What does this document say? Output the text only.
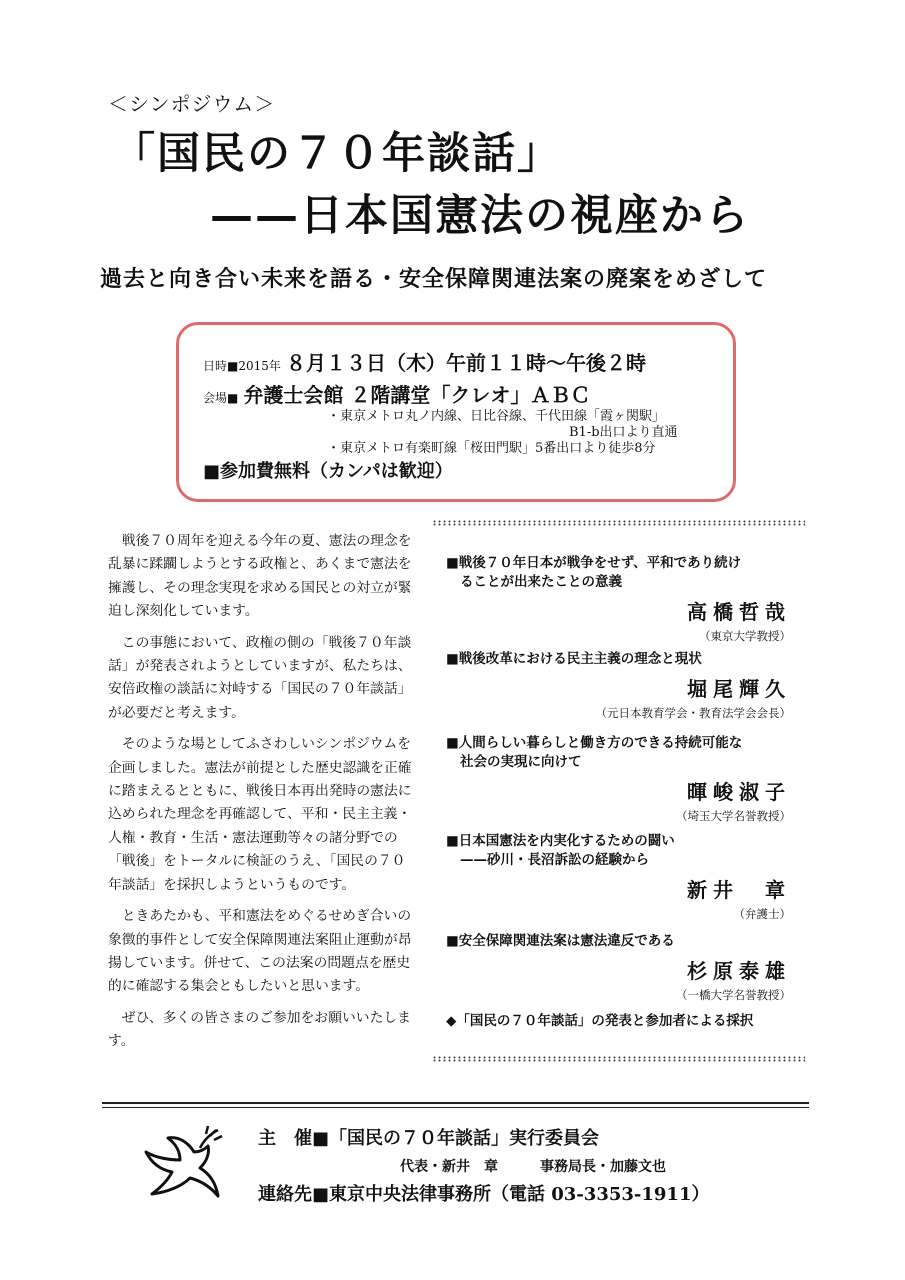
＜シンポジウム＞
「国民の７０年談話」
——日本国憲法の視座から
過去と向き合い未来を語る・安全保障関連法案の廃案をめざして
日時■2015年 ８月１３日（木）午前１１時～午後２時
会場■ 弁護士会館 ２階講堂「クレオ」ＡＢＣ
・東京メトロ丸ノ内線、日比谷線、千代田線「霞ヶ関駅」
B1-b出口より直通
・東京メトロ有楽町線「桜田門駅」5番出口より徒歩8分
■参加費無料（カンパは歓迎）

戦後７０周年を迎える今年の夏、憲法の理念を乱暴に蹂躙しようとする政権と、あくまで憲法を擁護し、その理念実現を求める国民との対立が緊迫し深刻化しています。

この事態において、政権の側の「戦後７０年談話」が発表されようとしていますが、私たちは、安倍政権の談話に対峙する「国民の７０年談話」が必要だと考えます。

そのような場としてふさわしいシンポジウムを企画しました。憲法が前提とした歴史認識を正確に踏まえるとともに、戦後日本再出発時の憲法に込められた理念を再確認して、平和・民主主義・人権・教育・生活・憲法運動等々の諸分野での「戦後」をトータルに検証のうえ、「国民の７０年談話」を採択しようというものです。

ときあたかも、平和憲法をめぐるせめぎ合いの象徴的事件として安全保障関連法案阻止運動が昂揚しています。併せて、この法案の問題点を歴史的に確認する集会ともしたいと思います。

ぜひ、多くの皆さまのご参加をお願いいたします。

■戦後７０年日本が戦争をせず、平和であり続け
ることが出来たことの意義
高橋哲哉
（東京大学教授）
■戦後改革における民主主義の理念と現状
堀尾輝久
（元日本教育学会・教育法学会会長）
■人間らしい暮らしと働き方のできる持続可能な
社会の実現に向けて
暉峻淑子
（埼玉大学名誉教授）
■日本国憲法を内実化するための闘い
——砂川・長沼訴訟の経験から
新井　章
（弁護士）
■安全保障関連法案は憲法違反である
杉原泰雄
（一橋大学名誉教授）
◆「国民の７０年談話」の発表と参加者による採択
主　催■「国民の７０年談話」実行委員会
代表・新井　章　　　事務局長・加藤文也
連絡先■東京中央法律事務所（電話 03-3353-1911）
